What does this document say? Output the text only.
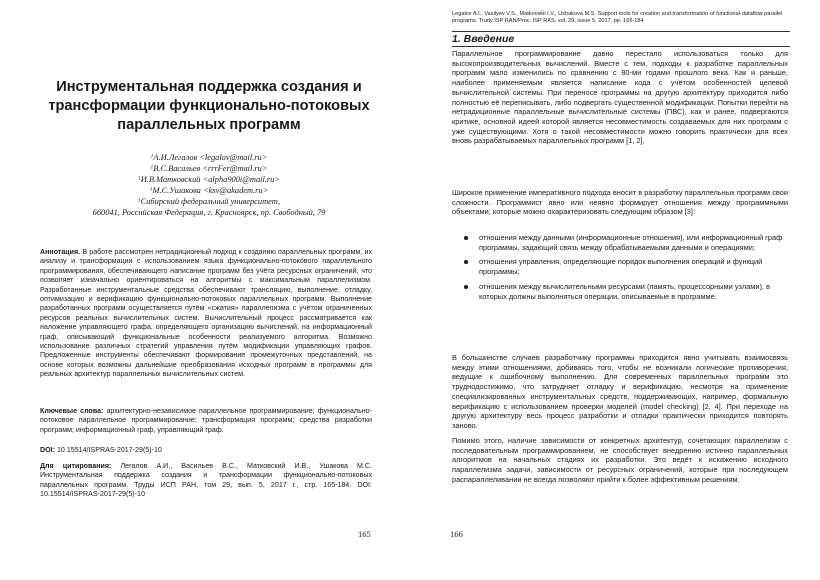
Инструментальная поддержка создания и трансформации функционально-потоковых параллельных программ
$^1$А.И.Легалов <legalov@mail.ru>
$^1$В.С.Васильев <rrrFer@mail.ru>
$^1$И.В.Матковский <alpha900i@mail.ru>
$^1$М.С.Ушакова <ksv@akadem.ru>
$^1$Сибирский федеральный университет,
660041, Российская Федерация, г. Красноярск, пр. Свободный, 79

Аннотация. В работе рассмотрен нетрадиционный подход к созданию параллельных программ, их анализу и трансформации с использованием языка функционально-потокового параллельного программирования, обеспечивающего написание программ без учёта ресурсных ограничений, что позволяет изначально ориентироваться на алгоритмы с максимальным параллелизмом. Разработанные инструментальные средства обеспечивают трансляцию, выполнение, отладку, оптимизацию и верификацию функционально-потоковых параллельных программ. Выполнение разработанных программ осуществляется путём «сжатия» параллелизма с учётом ограниченных ресурсов реальных вычислительных систем. Вычислительный процесс рассматривается как наложение управляющего графа, определяющего организацию вычислений, на информационный граф, описывающий функциональные особенности реализуемого алгоритма. Возможно использование различных стратегий управления путём модификации управляющих графов. Предложенные инструменты обеспечивают формирование промежуточных представлений, на основе которых возможны дальнейшие преобразования исходных программ в программы для реальных архитектур параллельных вычислительных систем.

Ключевые слова: архитектурно-независимое параллельное программирование; функционально-потоковое параллельное программирование; трансформация программ; средства разработки программ; информационный граф, управляющий граф.

DOI: 10.15514/ISPRAS-2017-29(5)-10

Для цитирования: Легалов А.И., Васильев В.С., Матковский И.В., Ушакова М.С. Инструментальная поддержка создания и трансформации функционально-потоковых параллельных программ. Труды ИСП РАН, том 29, вып. 5, 2017 г., стр. 165-184. DOI: 10.15514/ISPRAS-2017-29(5)-10

165

Legalov A.I., Vasilyev V.S., Matkovskii I.V., Ushakova M.S. Support tools for creation and transformation of functional-dataflow parallel programs. Trudy ISP RAN/Proc. ISP RAS, vol. 29, issue 5, 2017, pp. 165-184

1. Введение

Параллельное программирование давно перестало использоваться только для высокопроизводительных вычислений. Вместе с тем, подходы к разработке параллельных программ мало изменились по сравнению с 80-ми годами прошлого века. Как и раньше, наиболее применяемым является написание кода с учётом особенностей целевой вычислительной системы. При переносе программы на другую архитектуру приходится либо полностью её переписывать, либо подвергать существенной модификации. Попытки перейти на нетрадиционные параллельные вычислительные системы (ПВС), как и ранее, подвергаются критике, основной идеей которой является несовместимость создаваемых для них программ с уже существующими. Хотя о такой несовместимости можно говорить практически для всех вновь разрабатываемых параллельных программ [1, 2].

Широкое применение императивного подхода вносит в разработку параллельных программ свои сложности. Программист явно или неявно формирует отношения между программными объектами, которые можно охарактеризовать следующим образом [3]:

отношения между данными (информационные отношения), или информационный граф программы, задающий связь между обрабатываемыми данными и операциями;
отношения управления, определяющие порядок выполнения операций и функций программы;
отношения между вычислительными ресурсами (память, процессорными узлами), в которых должны выполняться операции, описываемые в программе.

В большинстве случаев разработчику программы приходится явно учитывать взаимосвязь между этими отношениями, добиваясь того, чтобы не возникали логические противоречия, ведущие к ошибочному выполнению. Для современных параллельных программ это труднодостижимо, что затрудняет отладку и верификацию, несмотря на применение специализированных инструментальных средств, поддерживающих, например, формальную верификацию с использованием проверки моделей (model checking) [2, 4]. При переходе на другую архитектуру весь процесс разработки и отладки практически приходится повторять заново.

Помимо этого, наличие зависимости от конкретных архитектур, сочетающих параллелизм с последовательным программированием, не способствует внедрению истинно параллельных алгоритмов на начальных стадиях их разработки. Это ведёт к искажению исходного параллелизма задачи, зависимости от ресурсных ограничений, которые при последующем распараллеливании не всегда позволяют прийти к более эффективным решениям.

166
